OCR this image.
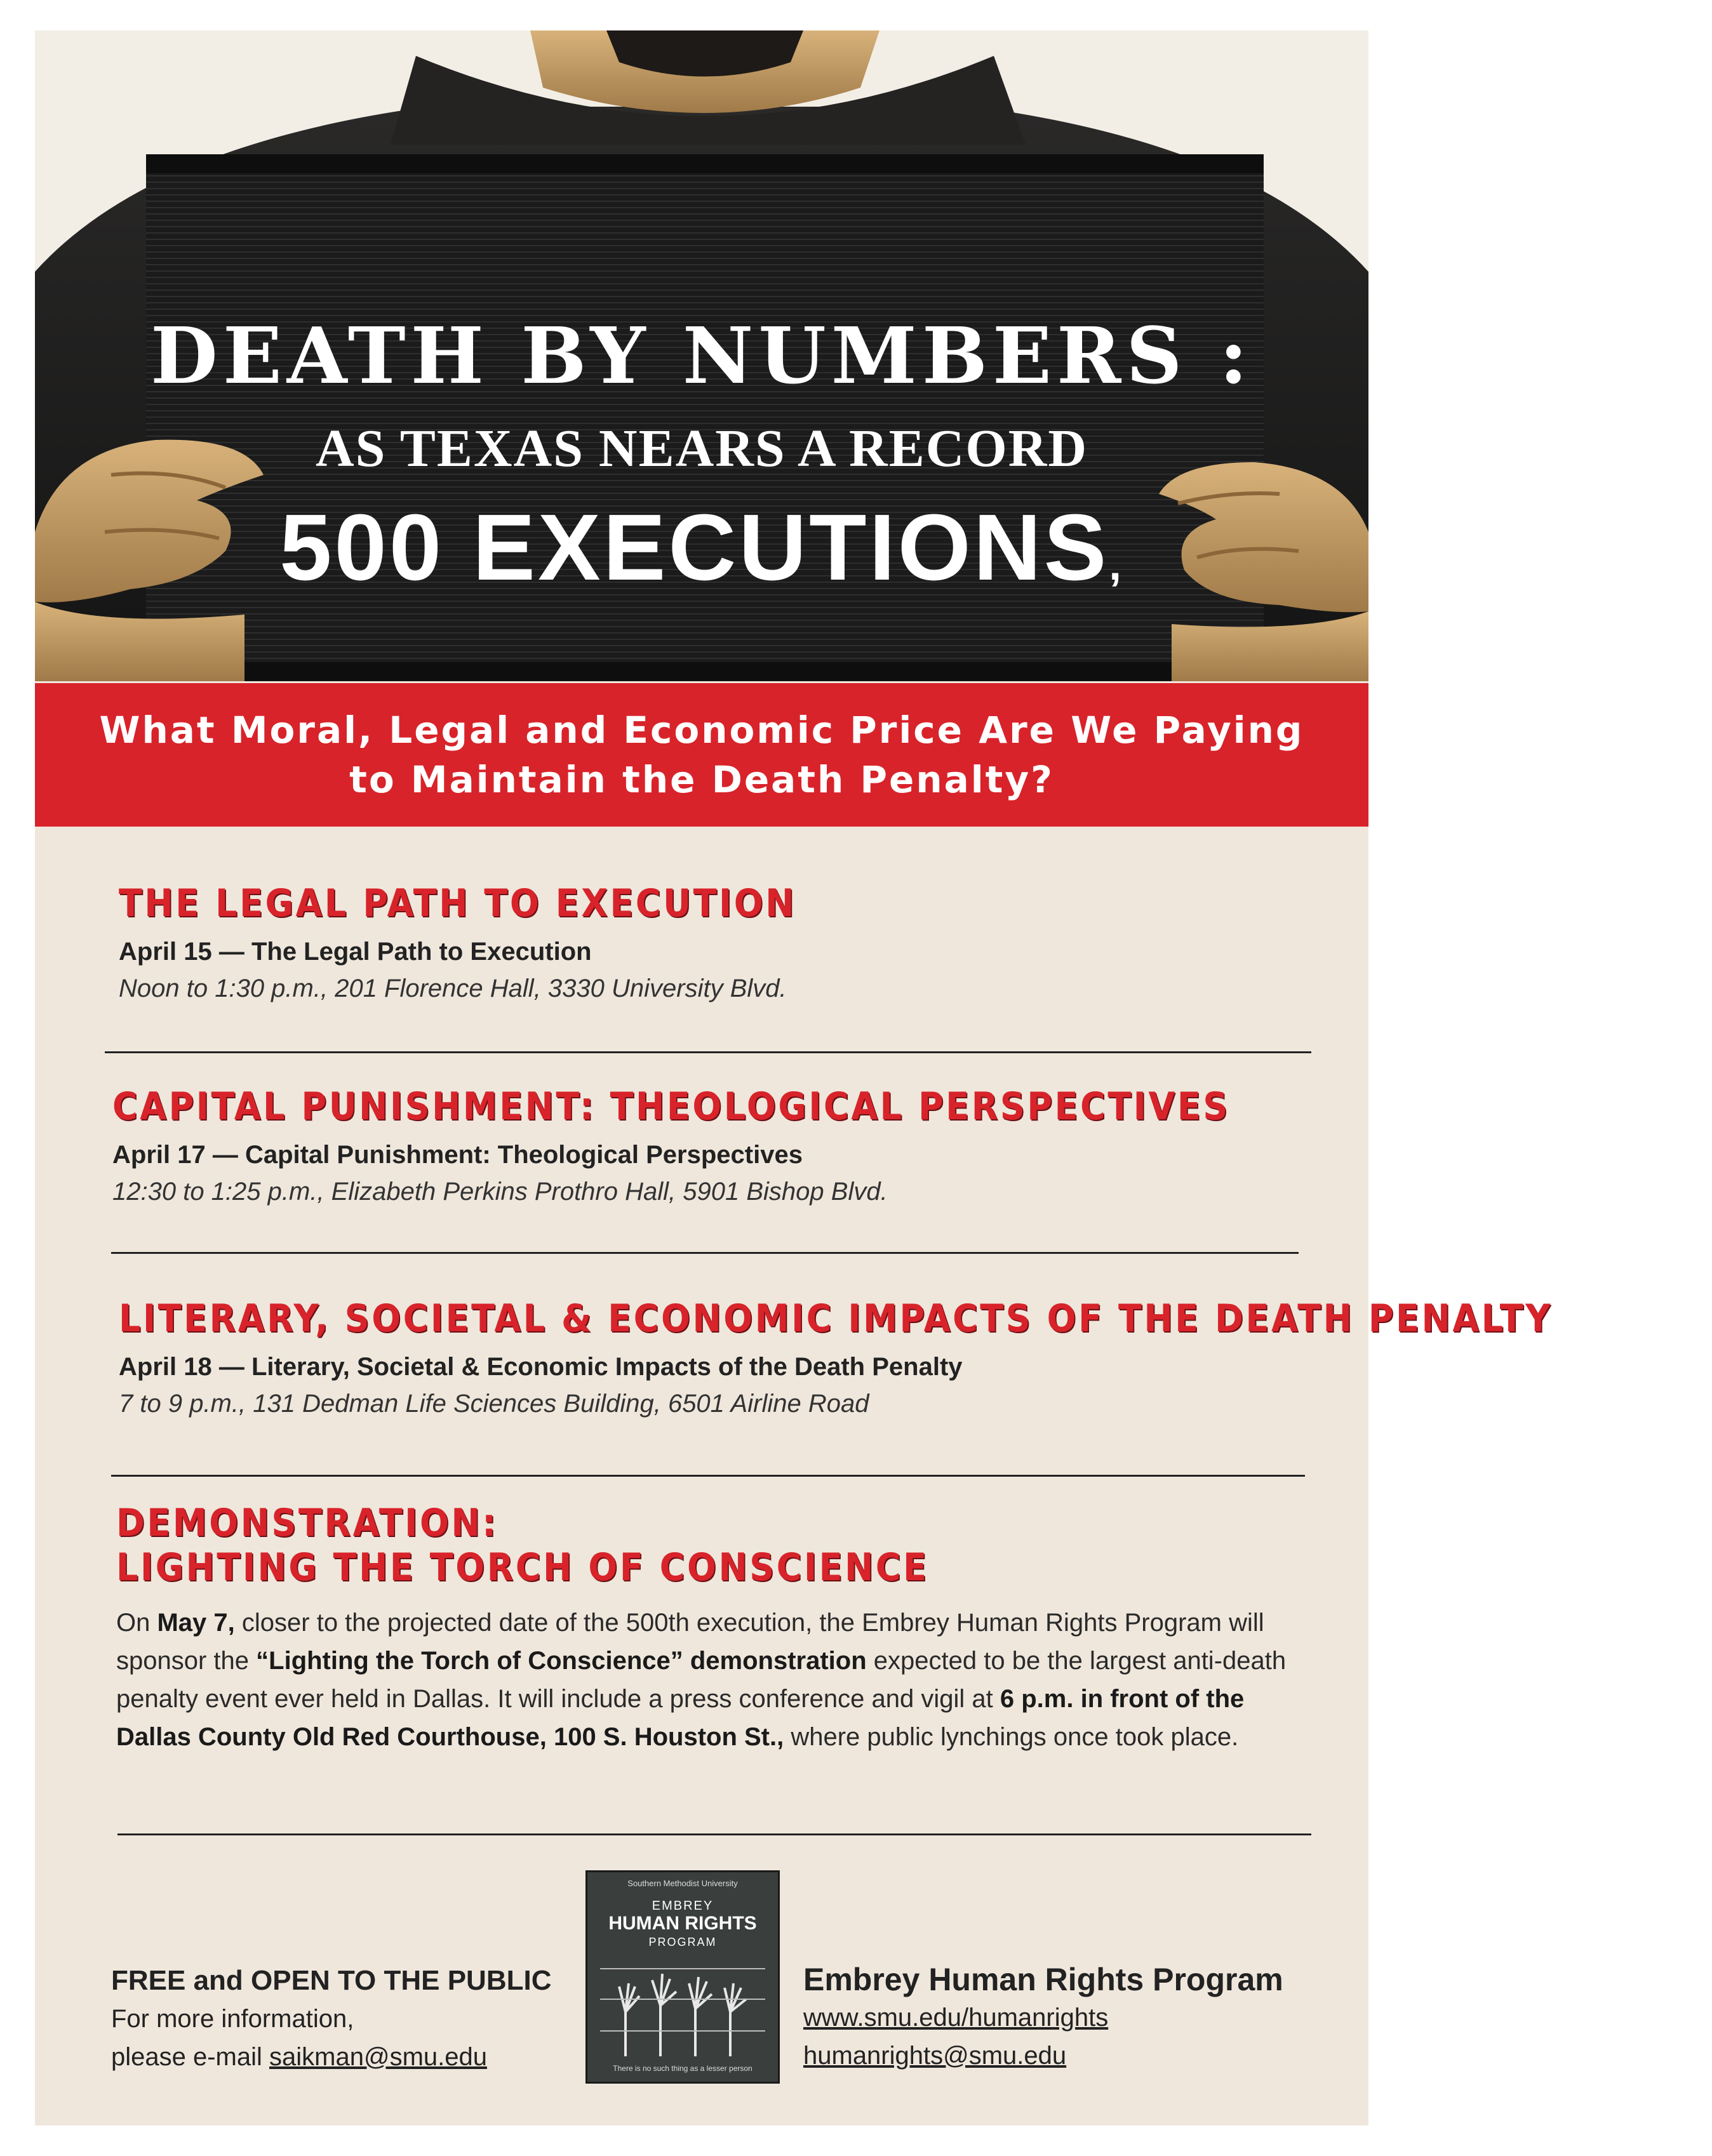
DEATH BY NUMBERS :

AS TEXAS NEARS A RECORD

500 EXECUTIONS,

What Moral, Legal and Economic Price Are We Paying to Maintain the Death Penalty?

THE LEGAL PATH TO EXECUTION

April 15 — The Legal Path to Execution

Noon to 1:30 p.m., 201 Florence Hall, 3330 University Blvd.

CAPITAL PUNISHMENT: THEOLOGICAL PERSPECTIVES

April 17 — Capital Punishment: Theological Perspectives

12:30 to 1:25 p.m., Elizabeth Perkins Prothro Hall, 5901 Bishop Blvd.

LITERARY, SOCIETAL & ECONOMIC IMPACTS OF THE DEATH PENALTY

April 18 — Literary, Societal & Economic Impacts of the Death Penalty

7 to 9 p.m., 131 Dedman Life Sciences Building, 6501 Airline Road

DEMONSTRATION:

LIGHTING THE TORCH OF CONSCIENCE

On May 7, closer to the projected date of the 500th execution, the Embrey Human Rights Program will sponsor the “Lighting the Torch of Conscience” demonstration expected to be the largest anti-death penalty event ever held in Dallas. It will include a press conference and vigil at 6 p.m. in front of the Dallas County Old Red Courthouse, 100 S. Houston St., where public lynchings once took place.

FREE and OPEN TO THE PUBLIC
For more information,
please e-mail saikman@smu.edu
Southern Methodist University
EMBREY
HUMAN RIGHTS
PROGRAM
There is no such thing as a lesser person
Embrey Human Rights Program
www.smu.edu/humanrights
humanrights@smu.edu
